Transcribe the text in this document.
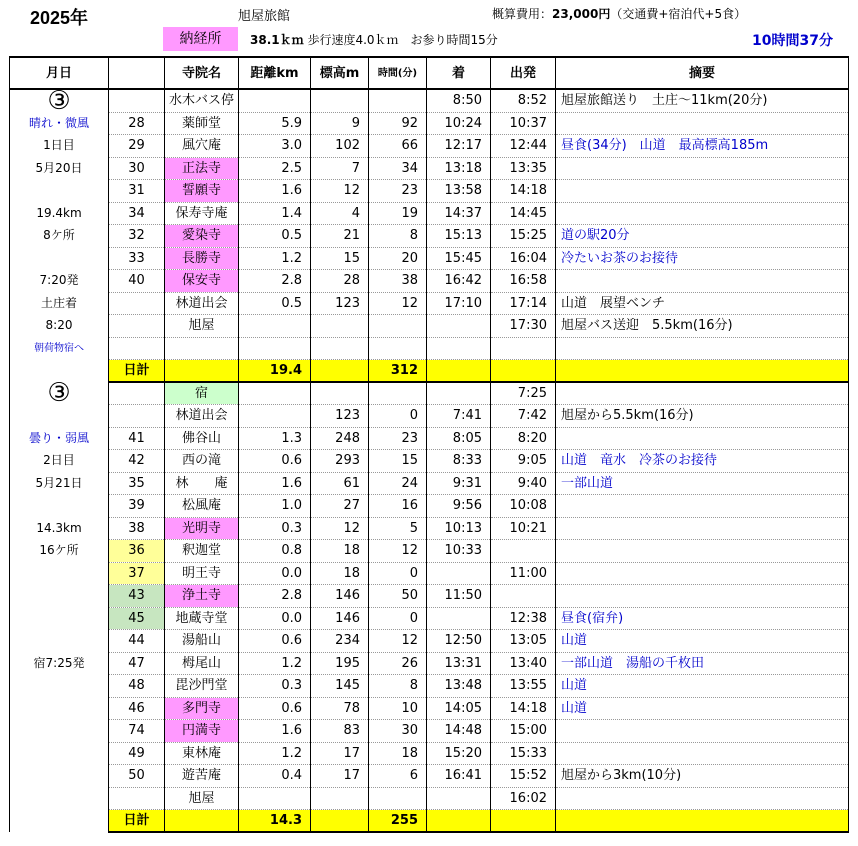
2025年	旭屋旅館	概算費用：23,000円（交通費+宿泊代+5食）
納経所	38.1ｋｍ 歩行速度4.0ｋｍ　お参り時間15分	10時間37分
月日		寺院名	距離km	標高m	時間(分)	着	出発	摘要
③		水木バス停				8:50	8:52	旭屋旅館送り　土庄〜11km(20分)
晴れ・微風	28	薬師堂	5.9	9	92	10:24	10:37	
1日目	29	風穴庵	3.0	102	66	12:17	12:44	昼食(34分)　山道　最高標高185m
5月20日	30	正法寺	2.5	7	34	13:18	13:35	
	31	誓願寺	1.6	12	23	13:58	14:18	
19.4km	34	保寿寺庵	1.4	4	19	14:37	14:45	
8ケ所	32	愛染寺	0.5	21	8	15:13	15:25	道の駅20分
	33	長勝寺	1.2	15	20	15:45	16:04	冷たいお茶のお接待
7:20発	40	保安寺	2.8	28	38	16:42	16:58	
土庄着		林道出会	0.5	123	12	17:10	17:14	山道　展望ベンチ
8:20		旭屋					17:30	旭屋バス送迎　5.5km(16分)
朝荷物宿へ								
	日計		19.4		312			
③		宿					7:25	
		林道出会		123	0	7:41	7:42	旭屋から5.5km(16分)
曇り・弱風	41	佛谷山	1.3	248	23	8:05	8:20	
2日目	42	西の滝	0.6	293	15	8:33	9:05	山道　竜水　冷茶のお接待
5月21日	35	林　　庵	1.6	61	24	9:31	9:40	一部山道
	39	松風庵	1.0	27	16	9:56	10:08	
14.3km	38	光明寺	0.3	12	5	10:13	10:21	
16ケ所	36	釈迦堂	0.8	18	12	10:33		
	37	明王寺	0.0	18	0		11:00	
	43	浄土寺	2.8	146	50	11:50		
	45	地蔵寺堂	0.0	146	0		12:38	昼食(宿弁)
	44	湯船山	0.6	234	12	12:50	13:05	山道
宿7:25発	47	栂尾山	1.2	195	26	13:31	13:40	一部山道　湯船の千枚田
	48	毘沙門堂	0.3	145	8	13:48	13:55	山道
	46	多門寺	0.6	78	10	14:05	14:18	山道
	74	円満寺	1.6	83	30	14:48	15:00	
	49	東林庵	1.2	17	18	15:20	15:33	
	50	遊苦庵	0.4	17	6	16:41	15:52	旭屋から3km(10分)
		旭屋					16:02	
	日計		14.3		255			
